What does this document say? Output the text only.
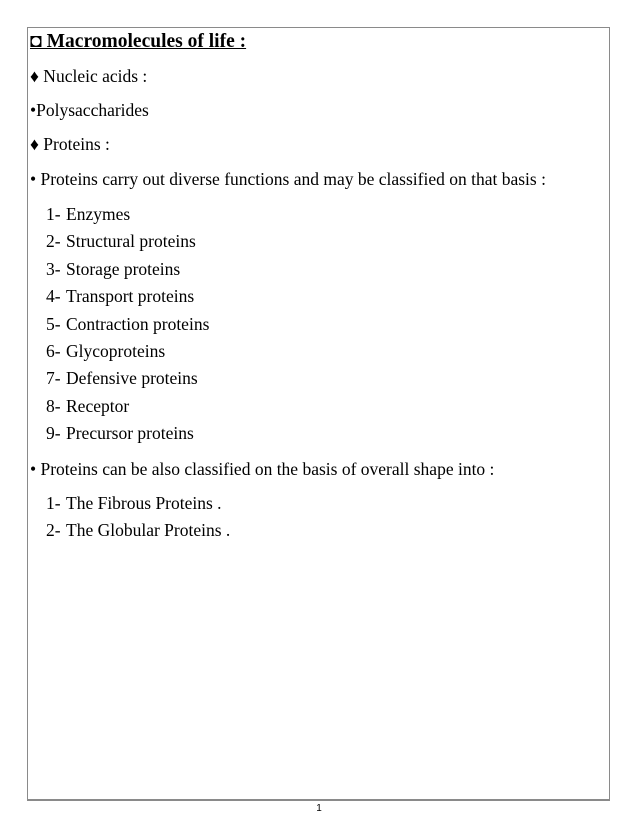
◘ Macromolecules of life :
♦ Nucleic acids :
•Polysaccharides
♦ Proteins :
• Proteins carry out diverse functions and may be classified on that basis :
1- Enzymes
2- Structural proteins
3- Storage proteins
4- Transport proteins
5- Contraction proteins
6- Glycoproteins
7- Defensive proteins
8- Receptor
9- Precursor proteins
• Proteins can be also classified on the basis of overall shape into :
1- The Fibrous Proteins .
2- The Globular Proteins .
1
